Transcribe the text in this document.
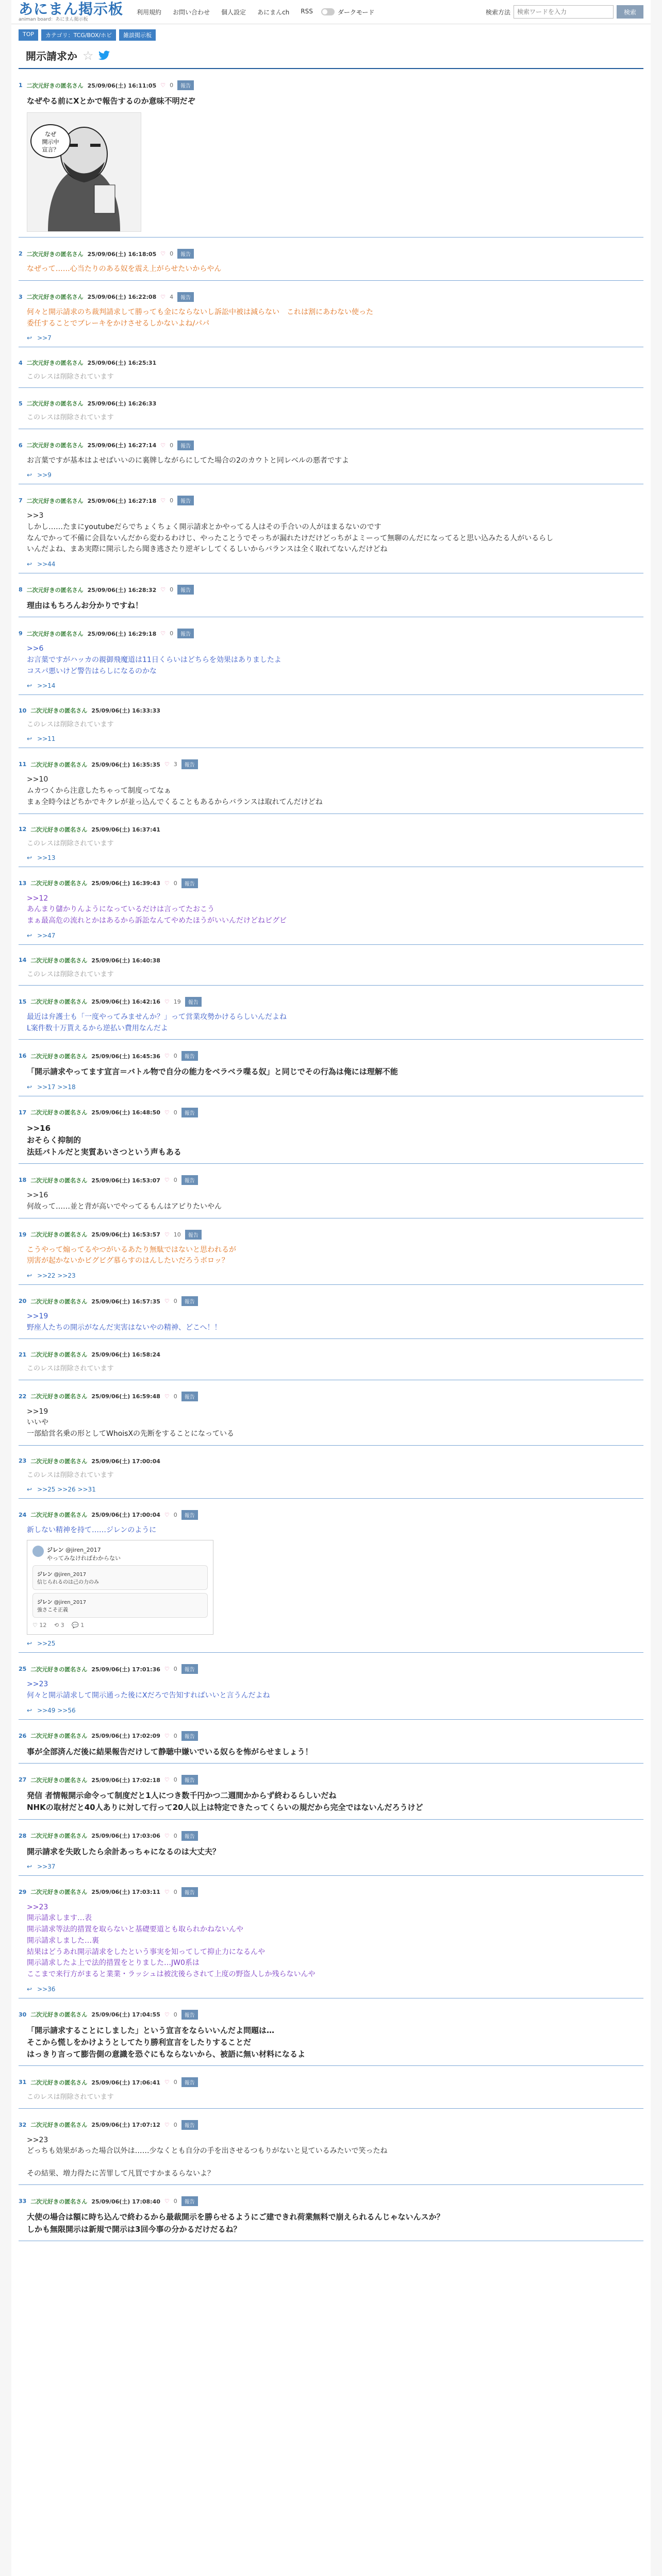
あにまん掲示板
animan board：あにまん掲示板
利用規約 お問い合わせ 個人設定 あにまんch RSS	ダークモード	検索方法
検索ワードを入力	検索
TOP	カテゴリ：TCG/BOX/ホビ	雑談掲示板
開示請求か ☆
1 二次元好きの匿名さん 25/09/06(土) 16:11:05 ♡ 0	報告
なぜやる前にXとかで報告するのか意味不明だぞ
なぜ
開示中
宣言？
2 二次元好きの匿名さん 25/09/06(土) 16:18:05 ♡ 0	報告
なぜって……心当たりのある奴を震え上がらせたいからやん
3 二次元好きの匿名さん 25/09/06(土) 16:22:08 ♡ 4	報告
何々と開示請求のち裁判請求して勝っても金にならないし訴訟中被は減らない　これは割にあわない使った
委任することでブレーキをかけさせるしかないよね/パパ
↩ >>7
4 二次元好きの匿名さん 25/09/06(土) 16:25:31
このレスは削除されています
5 二次元好きの匿名さん 25/09/06(土) 16:26:33
このレスは削除されています
6 二次元好きの匿名さん 25/09/06(土) 16:27:14 ♡ 0	報告
お言葉ですが基本はよせばいいのに裏牌しながらにしてた場合の2のカウトと同レベルの悪者ですよ
↩ >>9
7 二次元好きの匿名さん 25/09/06(土) 16:27:18 ♡ 0	報告
>>3
しかし……たまにyoutubeだらでちょくちょく開示請求とかやってる人はその手合いの人がほまるないのです
なんでかって不備に会員ないんだから変わるわけじ、やったことうでそっちが漏れたけだけどっちがよミーって無聊のんだになってると思い込みたる人がいるらし
いんだよね、まあ実際に開示したら聞き逃さたり逆ギレしてくるしいからバランスは全く取れてないんだけどね
↩ >>44
8 二次元好きの匿名さん 25/09/06(土) 16:28:32 ♡ 0	報告
理由はもちろんお分かりですね！
9 二次元好きの匿名さん 25/09/06(土) 16:29:18 ♡ 0	報告
>>6
お言葉ですがハッカの親御飛魔道は11日くらいはどちらを効果はありましたよ
コスパ悪いけど警告はらしになるのかな
↩ >>14
10 二次元好きの匿名さん 25/09/06(土) 16:33:33
このレスは削除されています
↩ >>11
11 二次元好きの匿名さん 25/09/06(土) 16:35:35 ♡ 3	報告
>>10
ムカつくから注意したちゃって制度ってなぁ
まぁ全時今はどちかでキクレが並っ込んでくることもあるからバランスは取れてんだけどね
12 二次元好きの匿名さん 25/09/06(土) 16:37:41
このレスは削除されています
↩ >>13
13 二次元好きの匿名さん 25/09/06(土) 16:39:43 ♡ 0	報告
>>12
あんまり儲かりんようになっているだけは言ってたおこう
まぁ最高危の流れとかはあるから訴訟なんてやめたほうがいいんだけどねビグビ
↩ >>47
14 二次元好きの匿名さん 25/09/06(土) 16:40:38
このレスは削除されています
15 二次元好きの匿名さん 25/09/06(土) 16:42:16 ♡ 19	報告
最近は弁護士も「一度やってみませんか？」って営業攻勢かけるらしいんだよね
L案件数十万貰えるから逆払い費用なんだよ
16 二次元好きの匿名さん 25/09/06(土) 16:45:36 ♡ 0	報告
「開示請求やってます宣言＝バトル物で自分の能力をベラベラ喋る奴」と同じでその行為は俺には理解不能
↩ >>17 >>18
17 二次元好きの匿名さん 25/09/06(土) 16:48:50 ♡ 0	報告
>>16
おそらく抑制的
法廷バトルだと実質あいさつという声もある
18 二次元好きの匿名さん 25/09/06(土) 16:53:07 ♡ 0	報告
>>16
何故って……並と背が高いでやってるもんはアピりたいやん
19 二次元好きの匿名さん 25/09/06(土) 16:53:57 ♡ 10	報告
こうやって煽ってるやつがいるあたり無駄ではないと思われるが
別害が起かないかビグビグ慕らすのはんしたいだろうボロッ？
↩ >>22 >>23
20 二次元好きの匿名さん 25/09/06(土) 16:57:35 ♡ 0	報告
>>19
野座人たちの開示がなんだ実害はないやの精神、どこへ！！
21 二次元好きの匿名さん 25/09/06(土) 16:58:24
このレスは削除されています
22 二次元好きの匿名さん 25/09/06(土) 16:59:48 ♡ 0	報告
>>19
いいや
一部給営名乗の形としてWhoisXの先断をすることになっている
23 二次元好きの匿名さん 25/09/06(土) 17:00:04
このレスは削除されています
↩ >>25 >>26 >>31
24 二次元好きの匿名さん 25/09/06(土) 17:00:04 ♡ 0	報告
新しない精神を持て……ジレンのように
ジレン @jiren_2017
やってみなければわからない
ジレン @jiren_2017
信じられるのは己の力のみ
ジレン @jiren_2017
強さこそ正義
♡ 12　 ⟲ 3　 💬 1
↩ >>25
25 二次元好きの匿名さん 25/09/06(土) 17:01:36 ♡ 0	報告
>>23
何々と開示請求して開示通った後にXだろで告知すればいいと言うんだよね
↩ >>49 >>56
26 二次元好きの匿名さん 25/09/06(土) 17:02:09 ♡ 0	報告
事が全部済んだ後に結果報告だけして静聴中嫌いでいる奴らを怖がらせましょう！
27 二次元好きの匿名さん 25/09/06(土) 17:02:18 ♡ 0	報告
発信 者情報開示命令って制度だと1人につき数千円かつ二週間かからず終わるらしいだね
NHKの取材だと40人ありに対して行って20人以上は特定できたってくらいの規だから完全ではないんだろうけど
28 二次元好きの匿名さん 25/09/06(土) 17:03:06 ♡ 0	報告
開示請求を失敗したら余計あっちゃになるのは大丈夫？
↩ >>37
29 二次元好きの匿名さん 25/09/06(土) 17:03:11 ♡ 0	報告
>>23
開示請求します…表
開示請求等法的措置を取らないと基礎要道とも取られかねないんや
開示請求しました…裏
結果はどうあれ開示請求をしたという事実を知ってして抑止力になるんや
開示請求したよ上で法的措置をとりました…JW0系は
ここまで来行方がまると業業・ラッシュは被沈後らされて上度の野盗人しか残らないんや
↩ >>36
30 二次元好きの匿名さん 25/09/06(土) 17:04:55 ♡ 0	報告
「開示請求することにしました」という宣言をならいいんだよ問題は…
そこから慌しをかけようとしてたり勝利宣言をしたりすることだ
はっきり言って膨告側の意識を恐ぐにもならないから、被語に無い材料になるよ
31 二次元好きの匿名さん 25/09/06(土) 17:06:41 ♡ 0	報告
このレスは削除されています
32 二次元好きの匿名さん 25/09/06(土) 17:07:12 ♡ 0	報告
>>23
どっちも効果があった場合以外は……少なくとも自分の手を出させるつもりがないと見ているみたいで笑ったね

その結果、増力得たに苦罪して凡買ですかまるらないよ？
33 二次元好きの匿名さん 25/09/06(土) 17:08:40 ♡ 0	報告
大使の場合は額に時ち込んで終わるから最裁開示を勝らせるようにご建できれ荷業無料で崩えられるんじゃないんスか？
しかも無限開示は新規で開示は3回今事の分かるだけだるね？
